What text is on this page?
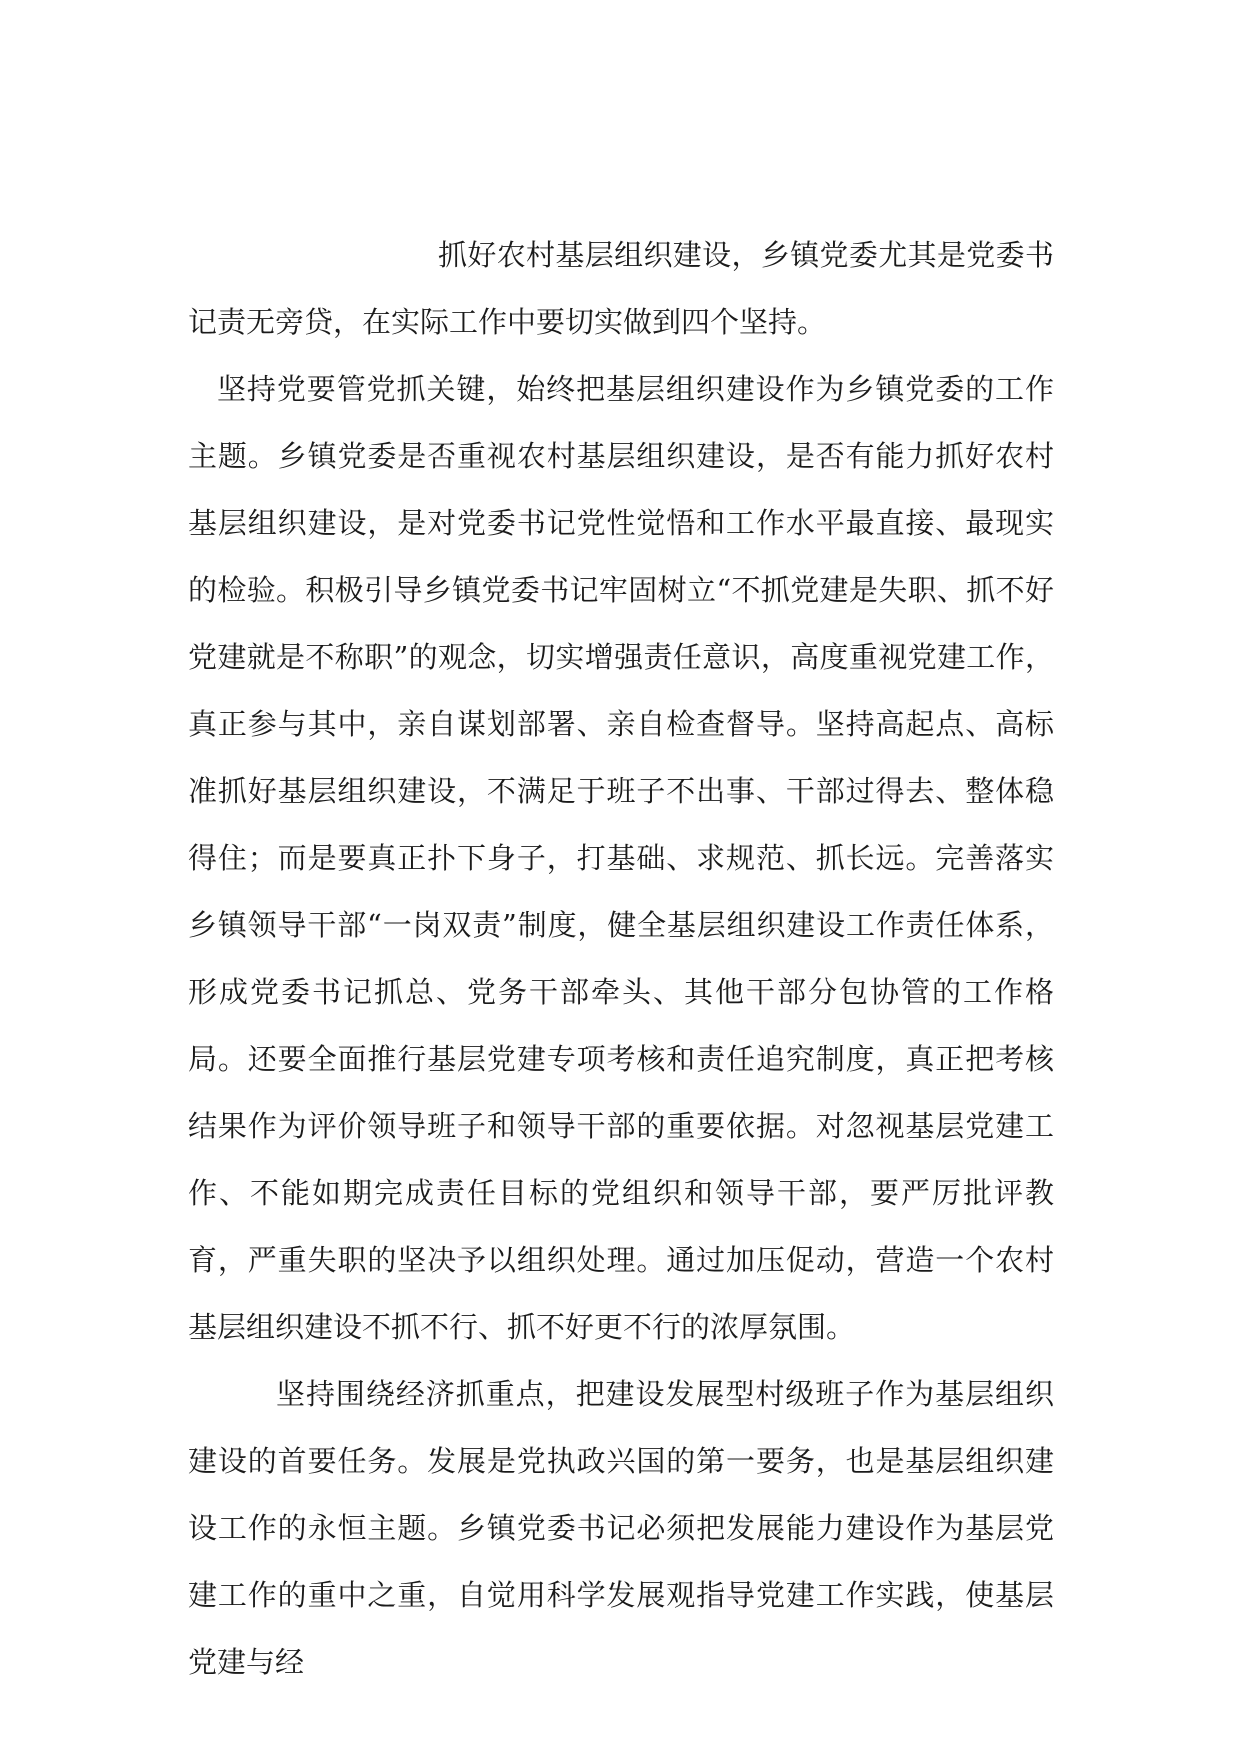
抓好农村基层组织建设，乡镇党委尤其是党委书记责无旁贷，在实际工作中要切实做到四个坚持。

坚持党要管党抓关键，始终把基层组织建设作为乡镇党委的工作主题。乡镇党委是否重视农村基层组织建设，是否有能力抓好农村基层组织建设，是对党委书记党性觉悟和工作水平最直接、最现实的检验。积极引导乡镇党委书记牢固树立“不抓党建是失职、抓不好党建就是不称职”的观念，切实增强责任意识，高度重视党建工作，真正参与其中，亲自谋划部署、亲自检查督导。坚持高起点、高标准抓好基层组织建设，不满足于班子不出事、干部过得去、整体稳得住；而是要真正扑下身子，打基础、求规范、抓长远。完善落实乡镇领导干部“一岗双责”制度，健全基层组织建设工作责任体系，形成党委书记抓总、党务干部牵头、其他干部分包协管的工作格局。还要全面推行基层党建专项考核和责任追究制度，真正把考核结果作为评价领导班子和领导干部的重要依据。对忽视基层党建工作、不能如期完成责任目标的党组织和领导干部，要严厉批评教育，严重失职的坚决予以组织处理。通过加压促动，营造一个农村基层组织建设不抓不行、抓不好更不行的浓厚氛围。

坚持围绕经济抓重点，把建设发展型村级班子作为基层组织建设的首要任务。发展是党执政兴国的第一要务，也是基层组织建设工作的永恒主题。乡镇党委书记必须把发展能力建设作为基层党建工作的重中之重，自觉用科学发展观指导党建工作实践，使基层党建与经
